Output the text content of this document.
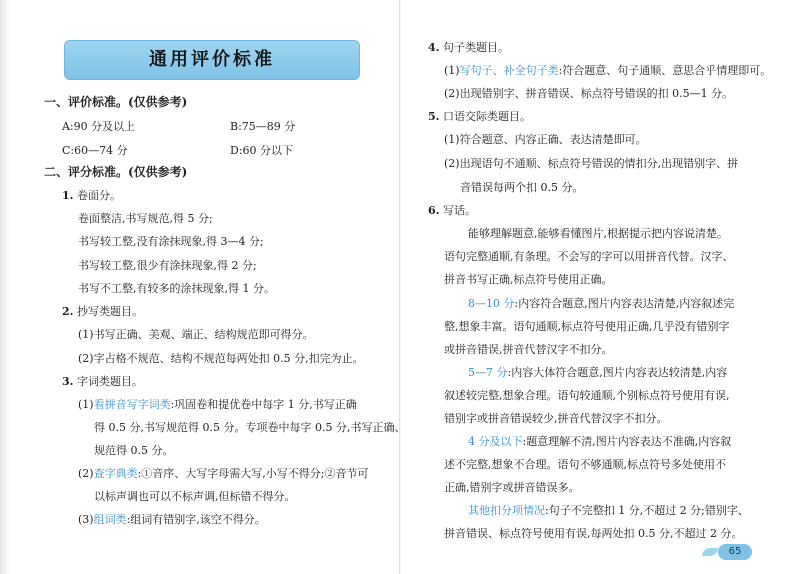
通用评价标准
一、评价标准。(仅供参考)
A:90 分及以上	B:75—89 分
C:60—74 分	D:60 分以下
二、评分标准。(仅供参考)
1. 卷面分。
卷面整洁,书写规范,得 5 分;
书写较工整,没有涂抹现象,得 3—4 分;
书写较工整,很少有涂抹现象,得 2 分;
书写不工整,有较多的涂抹现象,得 1 分。
2. 抄写类题目。
(1)书写正确、美观、端正、结构规范即可得分。
(2)字占格不规范、结构不规范每两处扣 0.5 分,扣完为止。
3. 字词类题目。
(1)看拼音写字词类:巩固卷和提优卷中每字 1 分,书写正确
得 0.5 分,书写规范得 0.5 分。专项卷中每字 0.5 分,书写正确、
规范得 0.5 分。
(2)查字典类:①音序、大写字母需大写,小写不得分;②音节可
以标声调也可以不标声调,但标错不得分。
(3)组词类:组词有错别字,该空不得分。
4. 句子类题目。
(1)写句子、补全句子类:符合题意、句子通顺、意思合乎情理即可。
(2)出现错别字、拼音错误、标点符号错误的扣 0.5—1 分。
5. 口语交际类题目。
(1)符合题意、内容正确、表达清楚即可。
(2)出现语句不通顺、标点符号错误的情扣分,出现错别字、拼
音错误每两个扣 0.5 分。
6. 写话。
能够理解题意,能够看懂图片,根据提示把内容说清楚。
语句完整通顺,有条理。不会写的字可以用拼音代替。汉字、
拼音书写正确,标点符号使用正确。
8—10 分:内容符合题意,图片内容表达清楚,内容叙述完
整,想象丰富。语句通顺,标点符号使用正确,几乎没有错别字
或拼音错误,拼音代替汉字不扣分。
5—7 分:内容大体符合题意,图片内容表达较清楚,内容
叙述较完整,想象合理。语句较通顺,个别标点符号使用有误,
错别字或拼音错误较少,拼音代替汉字不扣分。
4 分及以下:题意理解不清,图片内容表达不准确,内容叙
述不完整,想象不合理。语句不够通顺,标点符号多处使用不
正确,错别字或拼音错误多。
其他扣分项情况:句子不完整扣 1 分,不超过 2 分;错别字、
拼音错误、标点符号使用有误,每两处扣 0.5 分,不超过 2 分。
65
